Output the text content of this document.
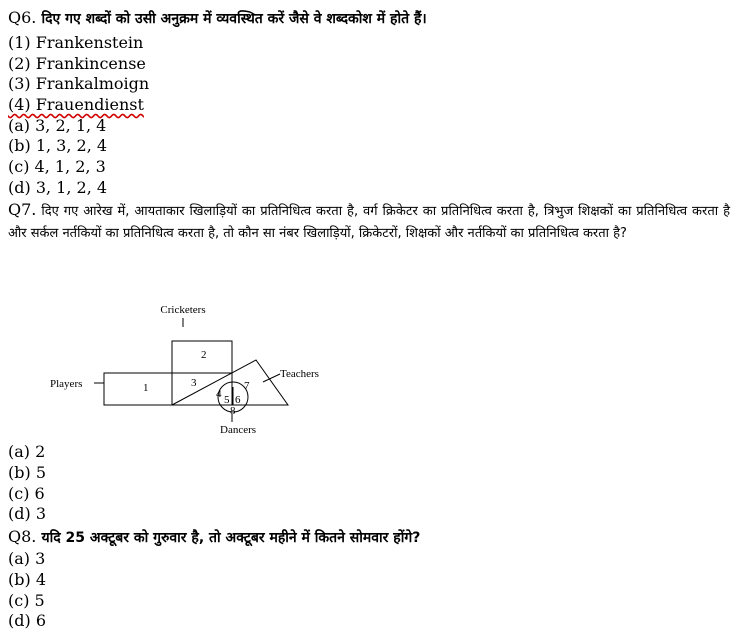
Q6. दिए गए शब्दों को उसी अनुक्रम में व्यवस्थित करें जैसे वे शब्दकोश में होते हैं।
(1) Frankenstein
(2) Frankincense
(3) Frankalmoign
(4) Frauendienst
(a) 3, 2, 1, 4
(b) 1, 3, 2, 4
(c) 4, 1, 2, 3
(d) 3, 1, 2, 4
Q7. दिए गए आरेख में, आयताकार खिलाड़ियों का प्रतिनिधित्व करता है, वर्ग क्रिकेटर का प्रतिनिधित्व करता है, त्रिभुज शिक्षकों का प्रतिनिधित्व करता है और सर्कल नर्तकियों का प्रतिनिधित्व करता है, तो कौन सा नंबर खिलाड़ियों, क्रिकेटरों, शिक्षकों और नर्तकियों का प्रतिनिधित्व करता है?
Cricketers
Players
Teachers
Dancers
1
2
3
4 5 6
7
8
(a) 2
(b) 5
(c) 6
(d) 3
Q8. यदि 25 अक्टूबर को गुरुवार है, तो अक्टूबर महीने में कितने सोमवार होंगे?
(a) 3
(b) 4
(c) 5
(d) 6
